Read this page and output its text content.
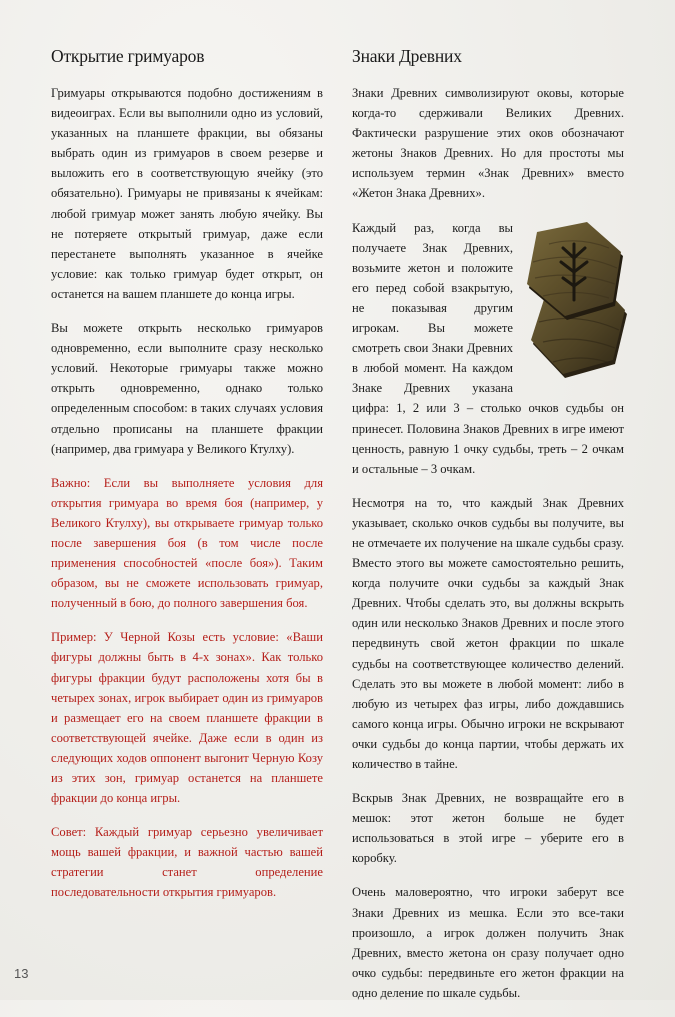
Открытие гримуаров

Гримуары открываются подобно достижениям в видеоиграх. Если вы выполнили одно из условий, указанных на планшете фракции, вы обязаны выбрать один из гримуаров в своем резерве и выложить его в соответствующую ячейку (это обязательно). Гримуары не привязаны к ячейкам: любой гримуар может занять любую ячейку. Вы не потеряете открытый гримуар, даже если перестанете выполнять указанное в ячейке условие: как только гримуар будет открыт, он останется на вашем планшете до конца игры.

Вы можете открыть несколько гримуаров одновременно, если выполните сразу несколько условий. Некоторые гримуары также можно открыть одновременно, однако только определенным способом: в таких случаях условия отдельно прописаны на планшете фракции (например, два гримуара у Великого Ктулху).

Важно: Если вы выполняете условия для открытия гримуара во время боя (например, у Великого Ктулху), вы открываете гримуар только после завершения боя (в том числе после применения способностей «после боя»). Таким образом, вы не сможете использовать гримуар, полученный в бою, до полного завершения боя.

Пример: У Черной Козы есть условие: «Ваши фигуры должны быть в 4-х зонах». Как только фигуры фракции будут расположены хотя бы в четырех зонах, игрок выбирает один из гримуаров и размещает его на своем планшете фракции в соответствующей ячейке. Даже если в один из следующих ходов оппонент выгонит Черную Козу из этих зон, гримуар останется на планшете фракции до конца игры.

Совет: Каждый гримуар серьезно увеличивает мощь вашей фракции, и важной частью вашей стратегии станет определение последовательности открытия гримуаров.

Знаки Древних

Знаки Древних символизируют оковы, которые когда-то сдерживали Великих Древних. Фактически разрушение этих оков обозначают жетоны Знаков Древних. Но для простоты мы используем термин «Знак Древних» вместо «Жетон Знака Древних».

Каждый раз, когда вы получаете Знак Древних, возьмите жетон и положите его перед собой взакрытую, не показывая другим игрокам. Вы можете смотреть свои Знаки Древних в любой момент. На каждом Знаке Древних указана цифра: 1, 2 или 3 – столько очков судьбы он принесет. Половина Знаков Древних в игре имеют ценность, равную 1 очку судьбы, треть – 2 очкам и остальные – 3 очкам.

Несмотря на то, что каждый Знак Древних указывает, сколько очков судьбы вы получите, вы не отмечаете их получение на шкале судьбы сразу. Вместо этого вы можете самостоятельно решить, когда получите очки судьбы за каждый Знак Древних. Чтобы сделать это, вы должны вскрыть один или несколько Знаков Древних и после этого передвинуть свой жетон фракции по шкале судьбы на соответствующее количество делений. Сделать это вы можете в любой момент: либо в любую из четырех фаз игры, либо дождавшись самого конца игры. Обычно игроки не вскрывают очки судьбы до конца партии, чтобы держать их количество в тайне.

Вскрыв Знак Древних, не возвращайте его в мешок: этот жетон больше не будет использоваться в этой игре – уберите его в коробку.

Очень маловероятно, что игроки заберут все Знаки Древних из мешка. Если это все-таки произошло, а игрок должен получить Знак Древних, вместо жетона он сразу получает одно очко судьбы: передвиньте его жетон фракции на одно деление по шкале судьбы.

13
